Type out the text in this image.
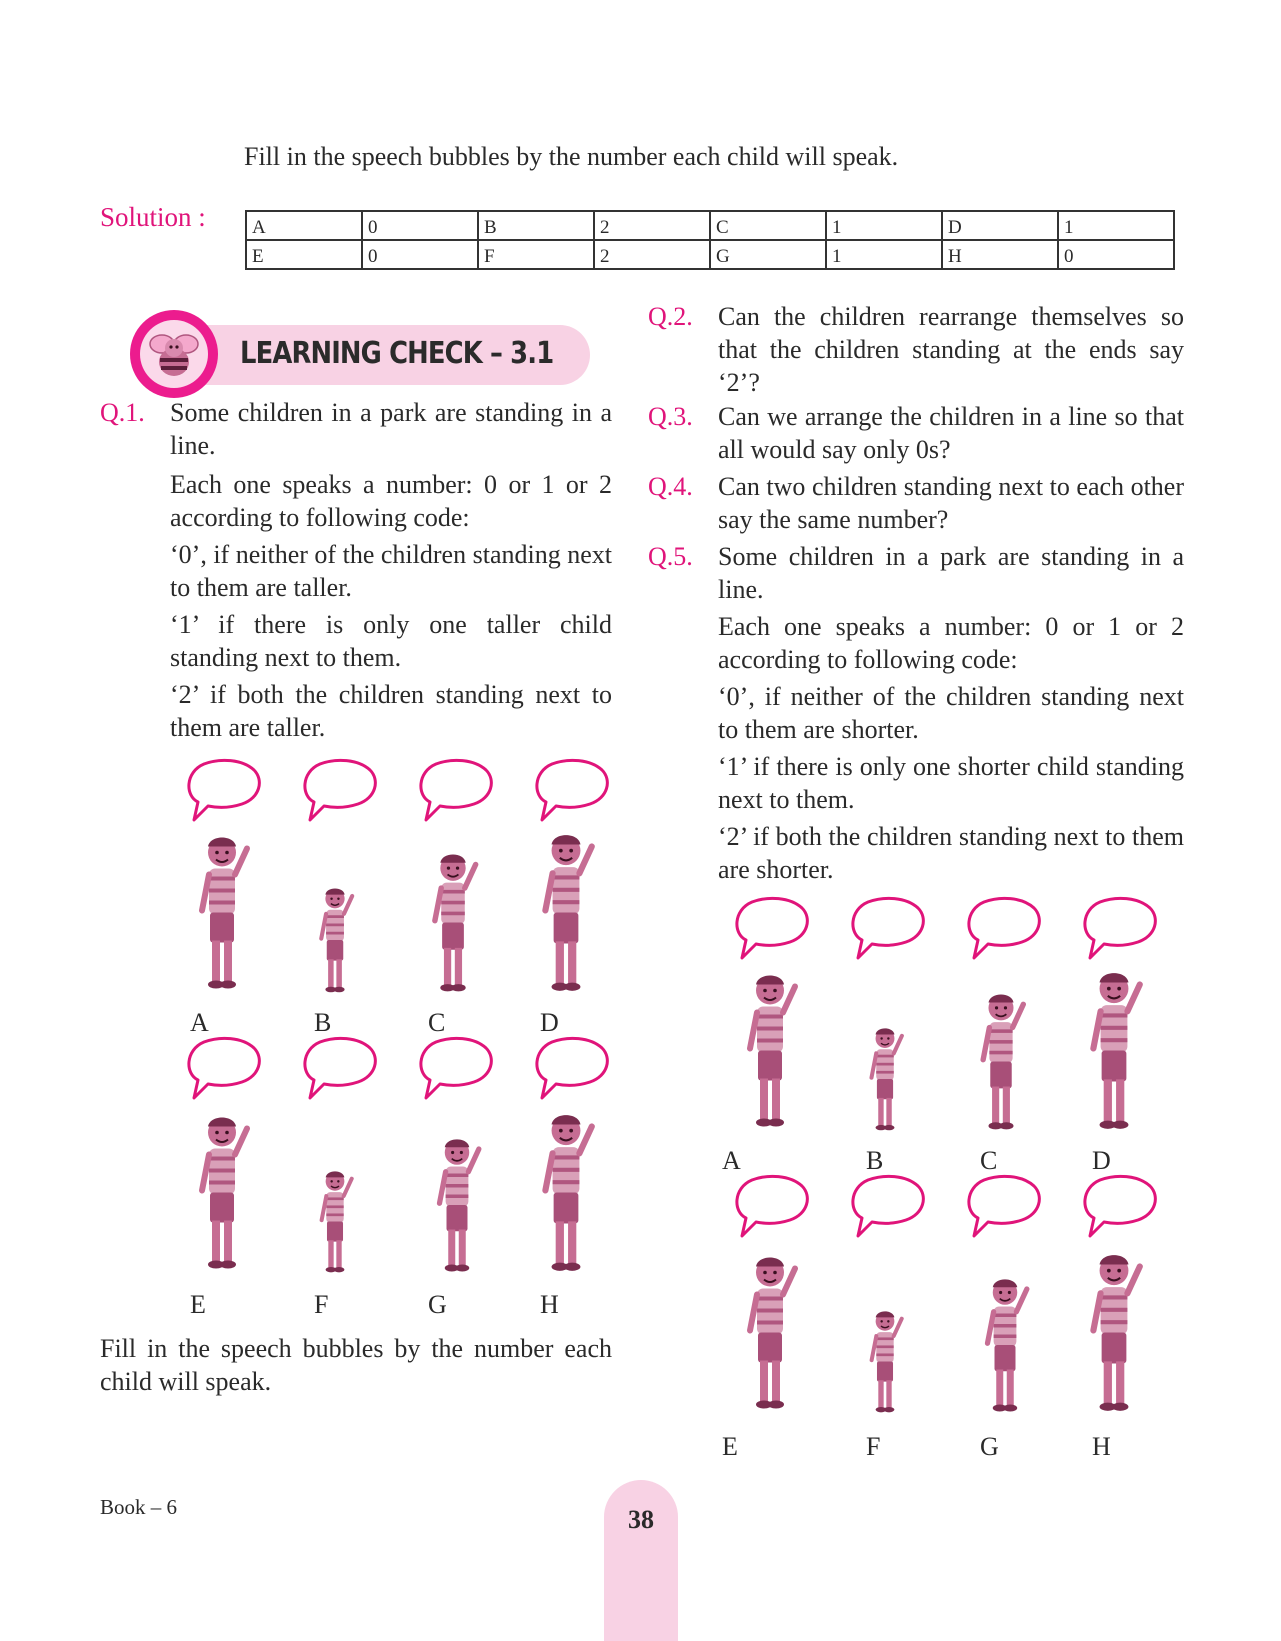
Fill in the speech bubbles by the number each child will speak.
Solution : A	0	B	2	C	1	D	1
E	0	F	2	G	1	H	0
LEARNING CHECK – 3.1
Q.1. Some children in a park are standing in a line.
Each one speaks a number: 0 or 1 or 2 according to following code:
‘0’, if neither of the children standing next to them are taller.
‘1’ if there is only one taller child standing next to them.
‘2’ if both the children standing next to them are taller.
A	B	C	D
E	F	G	H
Fill in the speech bubbles by the number each child will speak.
Q.2. Can the children rearrange themselves so that the children standing at the ends say ‘2’?
Q.3. Can we arrange the children in a line so that all would say only 0s?
Q.4. Can two children standing next to each other say the same number?
Q.5. Some children in a park are standing in a line.
Each one speaks a number: 0 or 1 or 2 according to following code:
‘0’, if neither of the children standing next to them are shorter.
‘1’ if there is only one shorter child standing next to them.
‘2’ if both the children standing next to them are shorter.
A	B	C	D
E	F	G	H
Book – 6	38
